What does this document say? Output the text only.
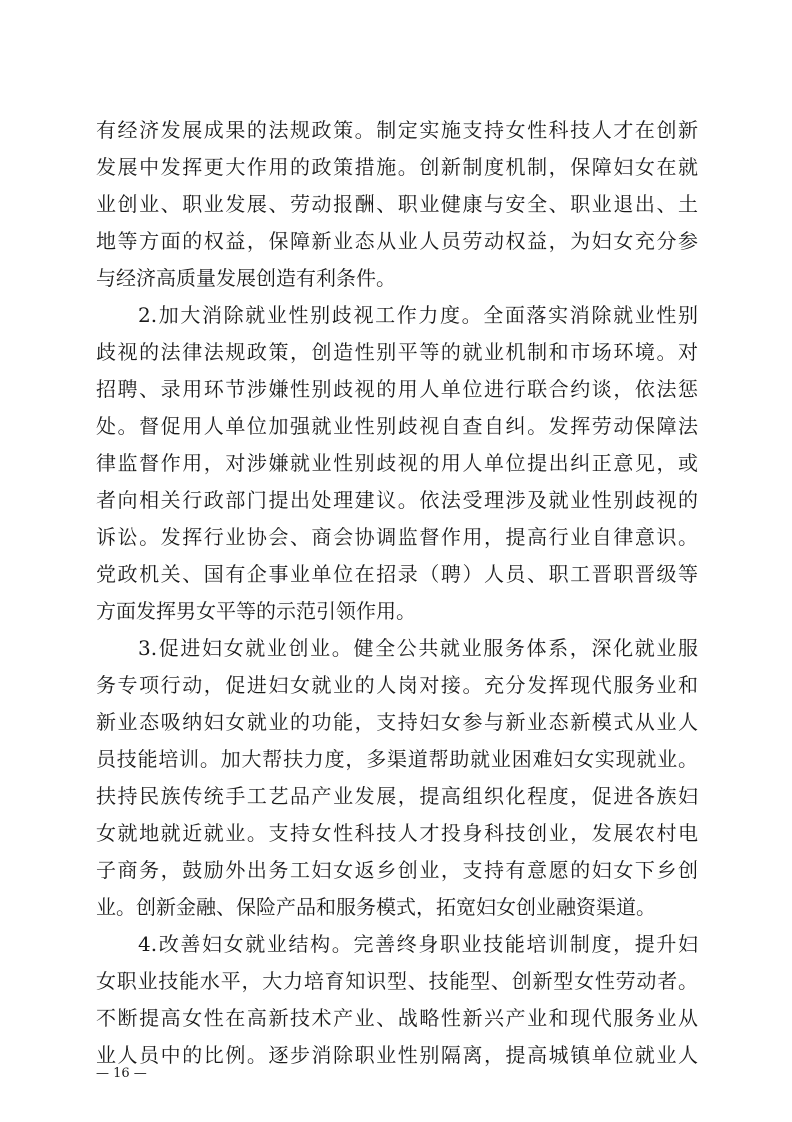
有经济发展成果的法规政策。制定实施支持女性科技人才在创新
发展中发挥更大作用的政策措施。创新制度机制，保障妇女在就
业创业、职业发展、劳动报酬、职业健康与安全、职业退出、土
地等方面的权益，保障新业态从业人员劳动权益，为妇女充分参
与经济高质量发展创造有利条件。
2.加大消除就业性别歧视工作力度。全面落实消除就业性别
歧视的法律法规政策，创造性别平等的就业机制和市场环境。对
招聘、录用环节涉嫌性别歧视的用人单位进行联合约谈，依法惩
处。督促用人单位加强就业性别歧视自查自纠。发挥劳动保障法
律监督作用，对涉嫌就业性别歧视的用人单位提出纠正意见，或
者向相关行政部门提出处理建议。依法受理涉及就业性别歧视的
诉讼。发挥行业协会、商会协调监督作用，提高行业自律意识。
党政机关、国有企事业单位在招录（聘）人员、职工晋职晋级等
方面发挥男女平等的示范引领作用。
3.促进妇女就业创业。健全公共就业服务体系，深化就业服
务专项行动，促进妇女就业的人岗对接。充分发挥现代服务业和
新业态吸纳妇女就业的功能，支持妇女参与新业态新模式从业人
员技能培训。加大帮扶力度，多渠道帮助就业困难妇女实现就业。
扶持民族传统手工艺品产业发展，提高组织化程度，促进各族妇
女就地就近就业。支持女性科技人才投身科技创业，发展农村电
子商务，鼓励外出务工妇女返乡创业，支持有意愿的妇女下乡创
业。创新金融、保险产品和服务模式，拓宽妇女创业融资渠道。
4.改善妇女就业结构。完善终身职业技能培训制度，提升妇
女职业技能水平，大力培育知识型、技能型、创新型女性劳动者。
不断提高女性在高新技术产业、战略性新兴产业和现代服务业从
业人员中的比例。逐步消除职业性别隔离，提高城镇单位就业人
— 16 —
